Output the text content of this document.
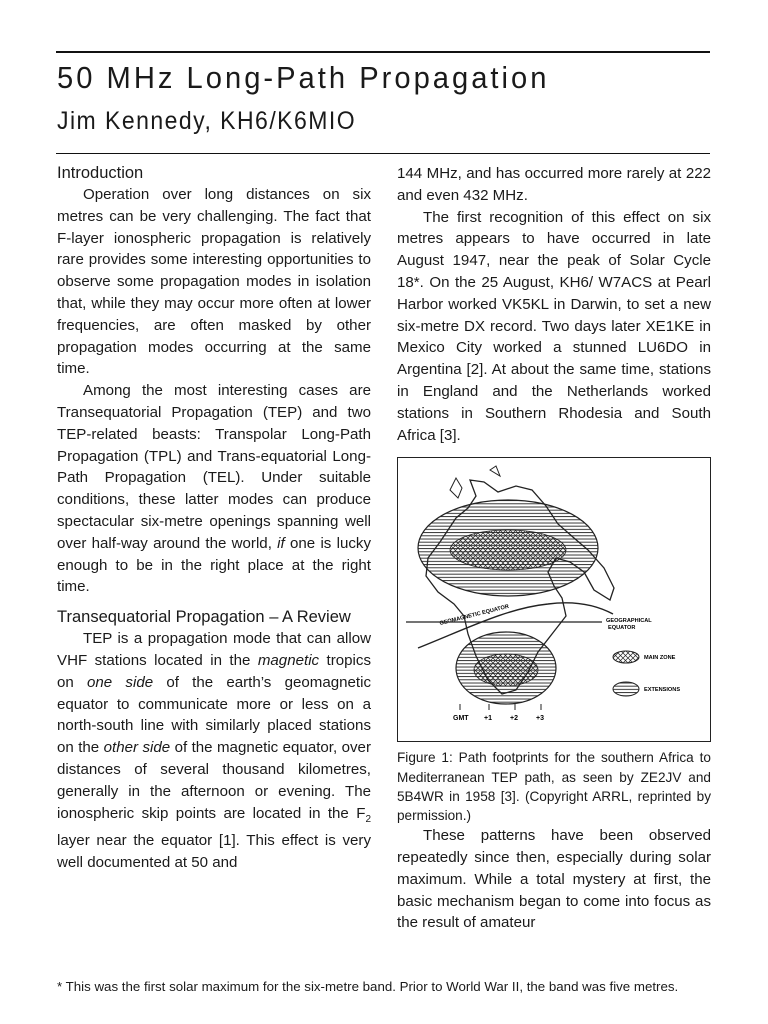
50 MHz Long-Path Propagation
Jim Kennedy, KH6/K6MIO
Introduction

Operation over long distances on six metres can be very challenging. The fact that F-layer ionospheric propagation is relatively rare provides some interesting opportunities to observe some propagation modes in isolation that, while they may occur more often at lower frequencies, are often masked by other propagation modes occurring at the same time.

Among the most interesting cases are Transequatorial Propagation (TEP) and two TEP-related beasts: Transpolar Long-Path Propagation (TPL) and Trans-equatorial Long-Path Propagation (TEL). Under suitable conditions, these latter modes can produce spectacular six-metre openings spanning well over half-way around the world, if one is lucky enough to be in the right place at the right time.

Transequatorial Propagation – A Review

TEP is a propagation mode that can allow VHF stations located in the magnetic tropics on one side of the earth’s geomagnetic equator to communicate more or less on a north-south line with similarly placed stations on the other side of the magnetic equator, over distances of several thousand kilometres, generally in the afternoon or evening. The ionospheric skip points are located in the $F_2$ layer near the equator [1]. This effect is very well documented at 50 and

144 MHz, and has occurred more rarely at 222 and even 432 MHz.

The first recognition of this effect on six metres appears to have occurred in late August 1947, near the peak of Solar Cycle 18*. On the 25 August, KH6/ W7ACS at Pearl Harbor worked VK5KL in Darwin, to set a new six-metre DX record. Two days later XE1KE in Mexico City worked a stunned LU6DO in Argentina [2]. At about the same time, stations in England and the Netherlands worked stations in Southern Rhodesia and South Africa [3].

GEOMAGNETIC EQUATOR	GEOGRAPHICAL
EQUATOR
MAIN ZONE
EXTENSIONS
GMT +1	+2	+3

Figure 1: Path footprints for the southern Africa to Mediterranean TEP path, as seen by ZE2JV and 5B4WR in 1958 [3]. (Copyright ARRL, reprinted by permission.)

These patterns have been observed repeatedly since then, especially during solar maximum. While a total mystery at first, the basic mechanism began to come into focus as the result of amateur

* This was the first solar maximum for the six-metre band. Prior to World War II, the band was five metres.
